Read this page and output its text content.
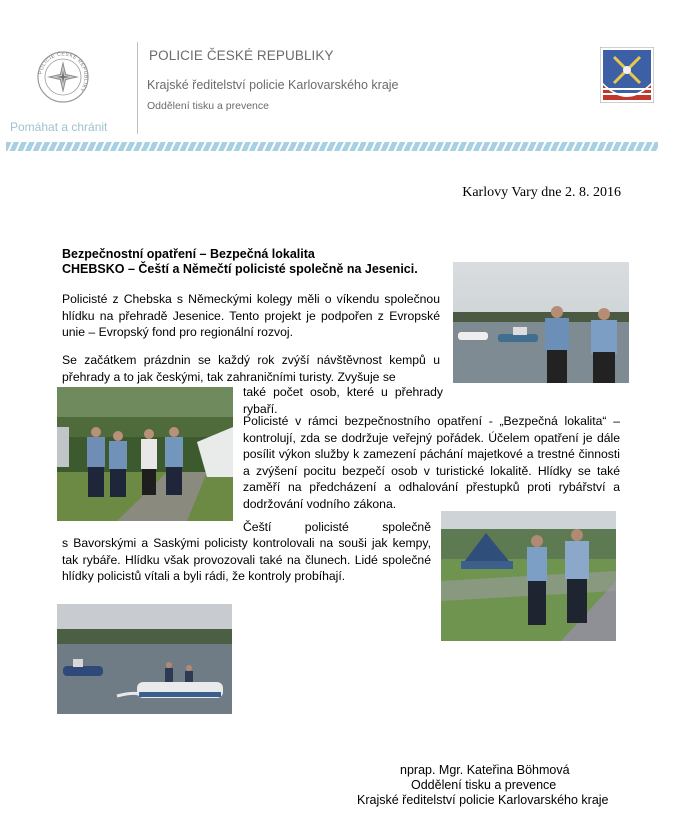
POLICIE ČESKÉ REPUBLIKY
Pomáhat a chránit
POLICIE ČESKÉ REPUBLIKY
Krajské ředitelství policie Karlovarského kraje
Oddělení tisku a prevence
Karlovy Vary dne 2. 8. 2016
Bezpečnostní opatření – Bezpečná lokalita
CHEBSKO – Čeští a Němečtí policisté společně na Jesenici.
Policisté z Chebska s Německými kolegy měli o víkendu společnou hlídku na přehradě Jesenice. Tento projekt je podpořen z Evropské unie – Evropský fond pro regionální rozvoj.
Se začátkem prázdnin se každý rok zvýší návštěvnost kempů u přehrady a to jak českými, tak zahraničními turisty. Zvyšuje se
také počet osob, které u přehrady rybaří.
Policisté v rámci bezpečnostního opatření - „Bezpečná lokalita“ – kontrolují, zda se dodržuje veřejný pořádek. Účelem opatření je dále posílit výkon služby k zamezení páchání majetkové a trestné činnosti a zvýšení pocitu bezpečí osob v turistické lokalitě. Hlídky se také zaměří na předcházení a odhalování přestupků proti rybářství a dodržování vodního zákona.
Čeští policisté společně
s Bavorskými a Saskými policisty kontrolovali na souši jak kempy, tak rybáře. Hlídku však provozovali také na člunech. Lidé společné hlídky policistů vítali a byli rádi, že kontroly probíhají.
nprap. Mgr. Kateřina Böhmová
Oddělení tisku a prevence
Krajské ředitelství policie Karlovarského kraje
